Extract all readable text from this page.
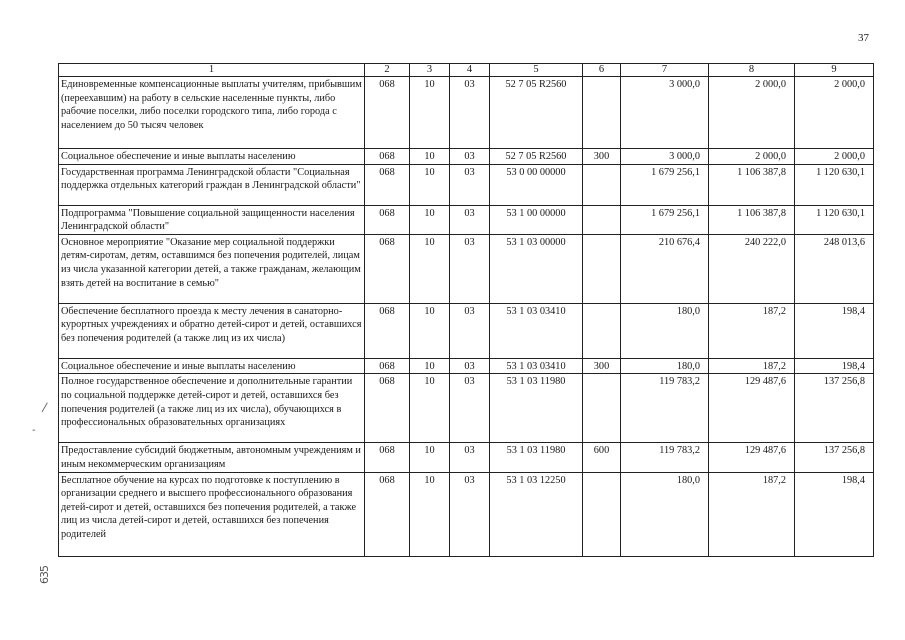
37
1	2	3	4	5	6	7	8	9
Единовременные компенсационные выплаты учителям, прибывшим (переехавшим) на работу в сельские населенные пункты, либо рабочие поселки, либо поселки городского типа, либо города с населением до 50 тысяч человек	068	10	03	52 7 05 R2560		3 000,0	2 000,0	2 000,0
Социальное обеспечение и иные выплаты населению	068	10	03	52 7 05 R2560	300	3 000,0	2 000,0	2 000,0
Государственная программа Ленинградской области "Социальная поддержка отдельных категорий граждан в Ленинградской области"	068	10	03	53 0 00 00000		1 679 256,1	1 106 387,8	1 120 630,1
Подпрограмма "Повышение социальной защищенности населения Ленинградской области"	068	10	03	53 1 00 00000		1 679 256,1	1 106 387,8	1 120 630,1
Основное мероприятие "Оказание мер социальной поддержки детям-сиротам, детям, оставшимся без попечения родителей, лицам из числа указанной категории детей, а также гражданам, желающим взять детей на воспитание в семью"	068	10	03	53 1 03 00000		210 676,4	240 222,0	248 013,6
Обеспечение бесплатного проезда к месту лечения в санаторно-курортных учреждениях и обратно детей-сирот и детей, оставшихся без попечения родителей (а также лиц из их числа)	068	10	03	53 1 03 03410		180,0	187,2	198,4
Социальное обеспечение и иные выплаты населению	068	10	03	53 1 03 03410	300	180,0	187,2	198,4
Полное государственное обеспечение и дополнительные гарантии по социальной поддержке детей-сирот и детей, оставшихся без попечения родителей (а также лиц из их числа), обучающихся в профессиональных образовательных организациях	068	10	03	53 1 03 11980		119 783,2	129 487,6	137 256,8
Предоставление субсидий бюджетным, автономным учреждениям и иным некоммерческим организациям	068	10	03	53 1 03 11980	600	119 783,2	129 487,6	137 256,8
Бесплатное обучение на курсах по подготовке к поступлению в организации среднего и высшего профессионального образования детей-сирот и детей, оставшихся без попечения родителей, а также лиц из числа детей-сирот и детей, оставшихся без попечения родителей	068	10	03	53 1 03 12250		180,0	187,2	198,4
—
-
635
